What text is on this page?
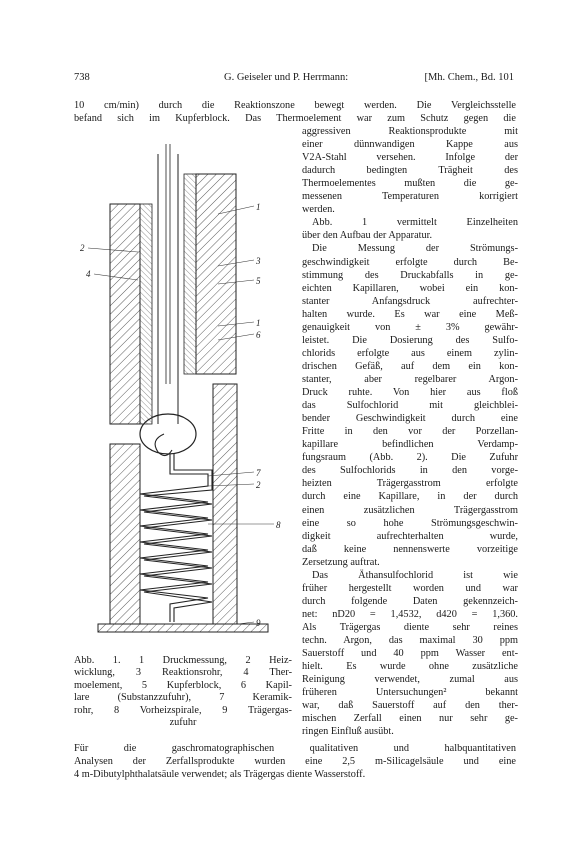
738	G. Geiseler und P. Herrmann:	[Mh. Chem., Bd. 101
10 cm/min) durch die Reaktionszone bewegt werden. Die Vergleichsstelle
befand sich im Kupferblock. Das Thermoelement war zum Schutz gegen die
aggressiven Reaktionsprodukte mit
einer dünnwandigen Kappe aus
V2A-Stahl versehen. Infolge der
dadurch bedingten Trägheit des
Thermoelementes mußten die ge-
messenen Temperaturen korrigiert
werden.
Abb. 1 vermittelt Einzelheiten
über den Aufbau der Apparatur.
Die Messung der Strömungs-
geschwindigkeit erfolgte durch Be-
stimmung des Druckabfalls in ge-
eichten Kapillaren, wobei ein kon-
stanter Anfangsdruck aufrechter-
halten wurde. Es war eine Meß-
genauigkeit von ± 3% gewähr-
leistet. Die Dosierung des Sulfo-
chlorids erfolgte aus einem zylin-
drischen Gefäß, auf dem ein kon-
stanter, aber regelbarer Argon-
Druck ruhte. Von hier aus floß
das Sulfochlorid mit gleichblei-
bender Geschwindigkeit durch eine
Fritte in den vor der Porzellan-
kapillare befindlichen Verdamp-
fungsraum (Abb. 2). Die Zufuhr
des Sulfochlorids in den vorge-
heizten Trägergasstrom erfolgte
durch eine Kapillare, in der durch
einen zusätzlichen Trägergasstrom
eine so hohe Strömungsgeschwin-
digkeit aufrechterhalten wurde,
daß keine nennenswerte vorzeitige
Zersetzung auftrat.
Das Äthansulfochlorid ist wie
früher hergestellt worden und war
durch folgende Daten gekennzeich-
net: nD20 = 1,4532, d420 = 1,360.
Als Trägergas diente sehr reines
techn. Argon, das maximal 30 ppm
Sauerstoff und 40 ppm Wasser ent-
hielt. Es wurde ohne zusätzliche
Reinigung verwendet, zumal aus
früheren Untersuchungen² bekannt
war, daß Sauerstoff auf den ther-
mischen Zerfall einen nur sehr ge-
ringen Einfluß ausübt.
1
2
3
4
5
1
6
7
2
8
9
Abb. 1. 1 Druckmessung, 2 Heiz-
wicklung, 3 Reaktionsrohr, 4 Ther-
moelement, 5 Kupferblock, 6 Kapil-
lare (Substanzzufuhr), 7 Keramik-
rohr, 8 Vorheizspirale, 9 Trägergas-
zufuhr
Für die gaschromatographischen qualitativen und halbquantitativen
Analysen der Zerfallsprodukte wurden eine 2,5 m-Silicagelsäule und eine
4 m-Dibutylphthalatsäule verwendet; als Trägergas diente Wasserstoff.
